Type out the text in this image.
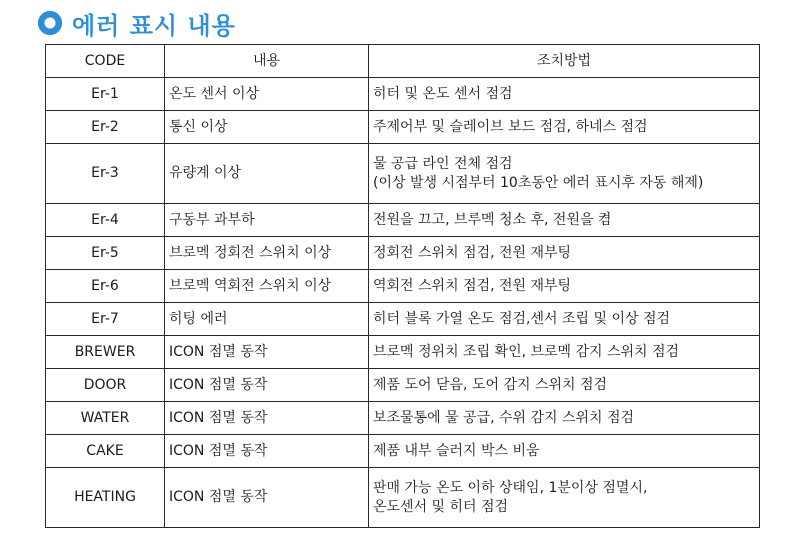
에러 표시 내용
CODE	내용	조치방법
Er-1	온도 센서 이상	히터 및 온도 센서 점검

Er-2	통신 이상	주제어부 및 슬레이브 보드 점검, 하네스 점검

Er-3	유량계 이상	물 공급 라인 전체 점검
(이상 발생 시점부터 10초동안 에러 표시후 자동 해제)

Er-4	구동부 과부하	전원을 끄고, 브루멕 청소 후, 전원을 켬

Er-5	브로멕 정회전 스위치 이상	정회전 스위치 점검, 전원 재부팅

Er-6	브로멕 역회전 스위치 이상	역회전 스위치 점검, 전원 재부팅

Er-7	히팅 에러	히터 블록 가열 온도 점검,센서 조립 및 이상 점검

BREWER	ICON 점멸 동작	브로멕 정위치 조립 확인, 브로멕 감지 스위치 점검

DOOR	ICON 점멸 동작	제품 도어 닫음, 도어 감지 스위치 점검

WATER	ICON 점멸 동작	보조물통에 물 공급, 수위 감지 스위치 점검

CAKE	ICON 점멸 동작	제품 내부 슬러지 박스 비움

HEATING	ICON 점멸 동작	판매 가능 온도 이하 상태임, 1분이상 점멸시,
온도센서 및 히터 점검
